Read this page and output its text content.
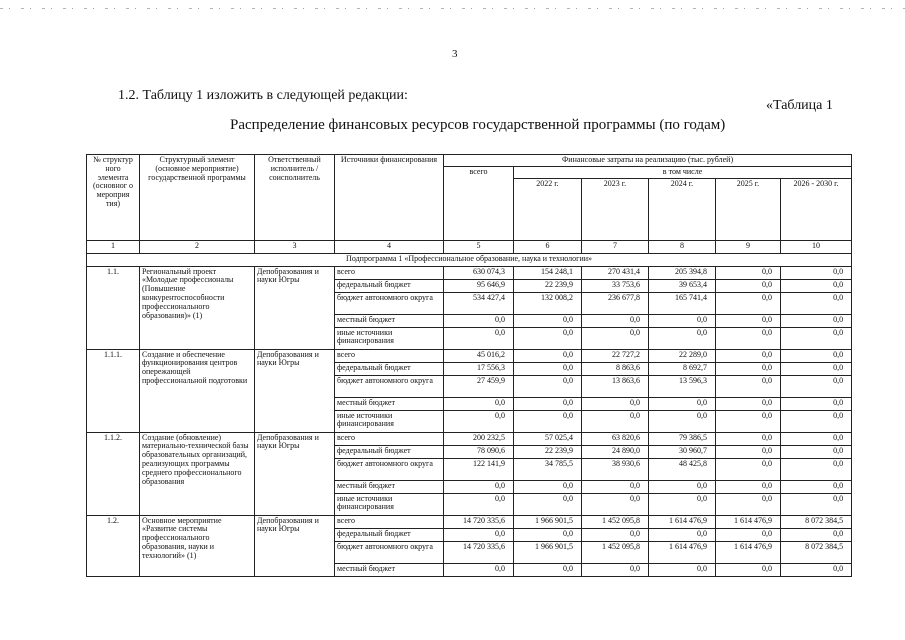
3
1.2. Таблицу 1 изложить в следующей редакции:
«Таблица 1
Распределение финансовых ресурсов государственной программы (по годам)
№ структур ного элемента (основног о мероприя тия)	Структурный элемент (основное мероприятие) государственной программы	Ответственный исполнитель / соисполнитель	Источники финансирования	Финансовые затраты на реализацию (тыс. рублей)					
				всего	в том числе				
					2022 г.	2023 г.	2024 г.	2025 г.	2026 - 2030 г.
1	2	3	4	5	6	7	8	9	10
Подпрограмма 1 «Профессиональное образование, наука и технологии»									
1.1.	Региональный проект «Молодые профессионалы (Повышение конкурентоспособности профессионального образования)» (1)	Депобразования и науки Югры	всего	630 074,3	154 248,1	270 431,4	205 394,8	0,0	0,0
			федеральный бюджет	95 646,9	22 239,9	33 753,6	39 653,4	0,0	0,0
			бюджет автономного округа	534 427,4	132 008,2	236 677,8	165 741,4	0,0	0,0
			местный бюджет	0,0	0,0	0,0	0,0	0,0	0,0
			иные источники финансирования	0,0	0,0	0,0	0,0	0,0	0,0
1.1.1.	Создание и обеспечение функционирования центров опережающей профессиональной подготовки	Депобразования и науки Югры	всего	45 016,2	0,0	22 727,2	22 289,0	0,0	0,0
			федеральный бюджет	17 556,3	0,0	8 863,6	8 692,7	0,0	0,0
			бюджет автономного округа	27 459,9	0,0	13 863,6	13 596,3	0,0	0,0
			местный бюджет	0,0	0,0	0,0	0,0	0,0	0,0
			иные источники финансирования	0,0	0,0	0,0	0,0	0,0	0,0
1.1.2.	Создание (обновление) материально-технической базы образовательных организаций, реализующих программы среднего профессионального образования	Депобразования и науки Югры	всего	200 232,5	57 025,4	63 820,6	79 386,5	0,0	0,0
			федеральный бюджет	78 090,6	22 239,9	24 890,0	30 960,7	0,0	0,0
			бюджет автономного округа	122 141,9	34 785,5	38 930,6	48 425,8	0,0	0,0
			местный бюджет	0,0	0,0	0,0	0,0	0,0	0,0
			иные источники финансирования	0,0	0,0	0,0	0,0	0,0	0,0
1.2.	Основное мероприятие «Развитие системы профессионального образования, науки и технологий» (1)	Депобразования и науки Югры	всего	14 720 335,6	1 966 901,5	1 452 095,8	1 614 476,9	1 614 476,9	8 072 384,5
			федеральный бюджет	0,0	0,0	0,0	0,0	0,0	0,0
			бюджет автономного округа	14 720 335,6	1 966 901,5	1 452 095,8	1 614 476,9	1 614 476,9	8 072 384,5
			местный бюджет	0,0	0,0	0,0	0,0	0,0	0,0
